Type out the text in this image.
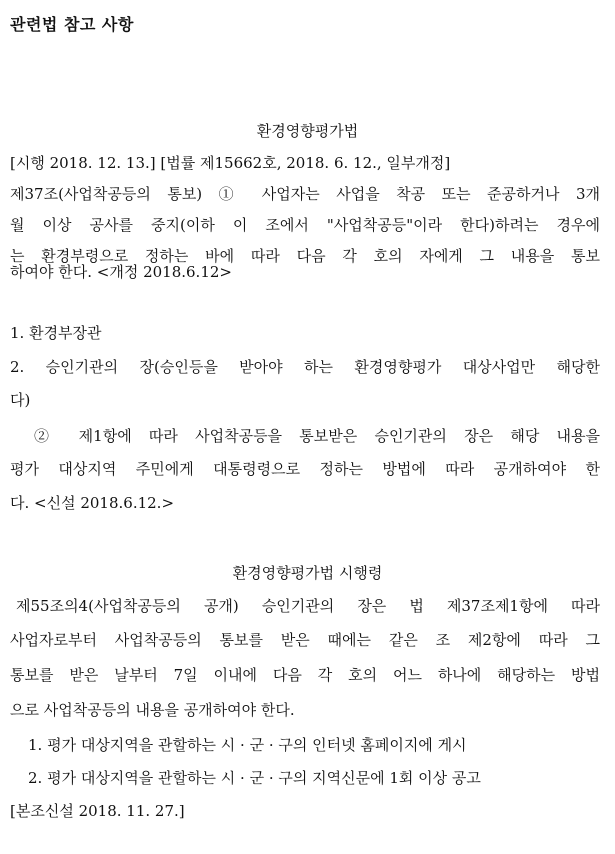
관련법 참고 사항
환경영향평가법
[시행 2018. 12. 13.] [법률 제15662호, 2018. 6. 12., 일부개정]
제37조(사업착공등의 통보) ① 사업자는 사업을 착공 또는 준공하거나 3개
월 이상 공사를 중지(이하 이 조에서 "사업착공등"이라 한다)하려는 경우에
는 환경부령으로 정하는 바에 따라 다음 각 호의 자에게 그 내용을 통보
하여야 한다. <개정 2018.6.12>
1. 환경부장관
2. 승인기관의 장(승인등을 받아야 하는 환경영향평가 대상사업만 해당한
다)
② 제1항에 따라 사업착공등을 통보받은 승인기관의 장은 해당 내용을
평가 대상지역 주민에게 대통령령으로 정하는 방법에 따라 공개하여야 한
다. <신설 2018.6.12.>
환경영향평가법 시행령
제55조의4(사업착공등의 공개) 승인기관의 장은 법 제37조제1항에 따라
사업자로부터 사업착공등의 통보를 받은 때에는 같은 조 제2항에 따라 그
통보를 받은 날부터 7일 이내에 다음 각 호의 어느 하나에 해당하는 방법
으로 사업착공등의 내용을 공개하여야 한다.
1. 평가 대상지역을 관할하는 시 · 군 · 구의 인터넷 홈페이지에 게시
2. 평가 대상지역을 관할하는 시 · 군 · 구의 지역신문에 1회 이상 공고
[본조신설 2018. 11. 27.]
